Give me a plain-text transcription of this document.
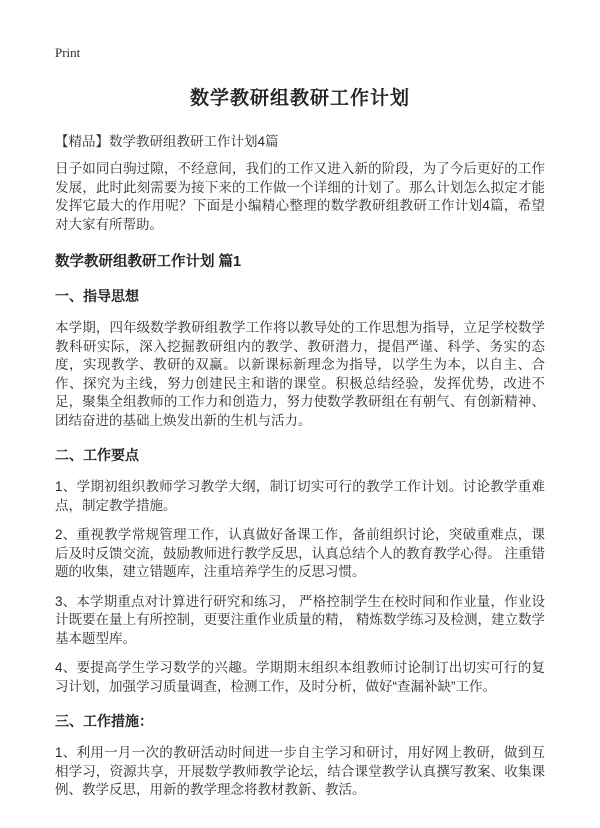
Print
数学教研组教研工作计划
【精品】数学教研组教研工作计划4篇

日子如同白驹过隙，不经意间，我们的工作又进入新的阶段，为了今后更好的工作发展，此时此刻需要为接下来的工作做一个详细的计划了。那么计划怎么拟定才能发挥它最大的作用呢？下面是小编精心整理的数学教研组教研工作计划4篇，希望对大家有所帮助。

数学教研组教研工作计划 篇1
一、指导思想

本学期，四年级数学教研组教学工作将以教导处的工作思想为指导，立足学校数学教科研实际，深入挖掘教研组内的教学、教研潜力，提倡严谨、科学、务实的态度，实现教学、教研的双赢。以新课标新理念为指导，以学生为本，以自主、合作、探究为主线，努力创建民主和谐的课堂。积极总结经验，发挥优势，改进不足，聚集全组教师的工作力和创造力，努力使数学教研组在有朝气、有创新精神、团结奋进的基础上焕发出新的生机与活力。

二、工作要点

1、学期初组织教师学习教学大纲，制订切实可行的教学工作计划。讨论教学重难点，制定教学措施。

2、重视教学常规管理工作，认真做好备课工作，备前组织讨论，突破重难点，课后及时反馈交流，鼓励教师进行教学反思，认真总结个人的教育教学心得。 注重错题的收集，建立错题库，注重培养学生的反思习惯。

3、本学期重点对计算进行研究和练习， 严格控制学生在校时间和作业量，作业设计既要在量上有所控制，更要注重作业质量的精， 精炼数学练习及检测，建立数学基本题型库。

4、要提高学生学习数学的兴趣。学期期末组织本组教师讨论制订出切实可行的复习计划，加强学习质量调查，检测工作，及时分析，做好“查漏补缺”工作。

三、工作措施：

1、利用一月一次的教研活动时间进一步自主学习和研讨，用好网上教研，做到互相学习，资源共享，开展数学教师教学论坛，结合课堂教学认真撰写教案、收集课例、教学反思，用新的教学理念将教材教新、教活。
